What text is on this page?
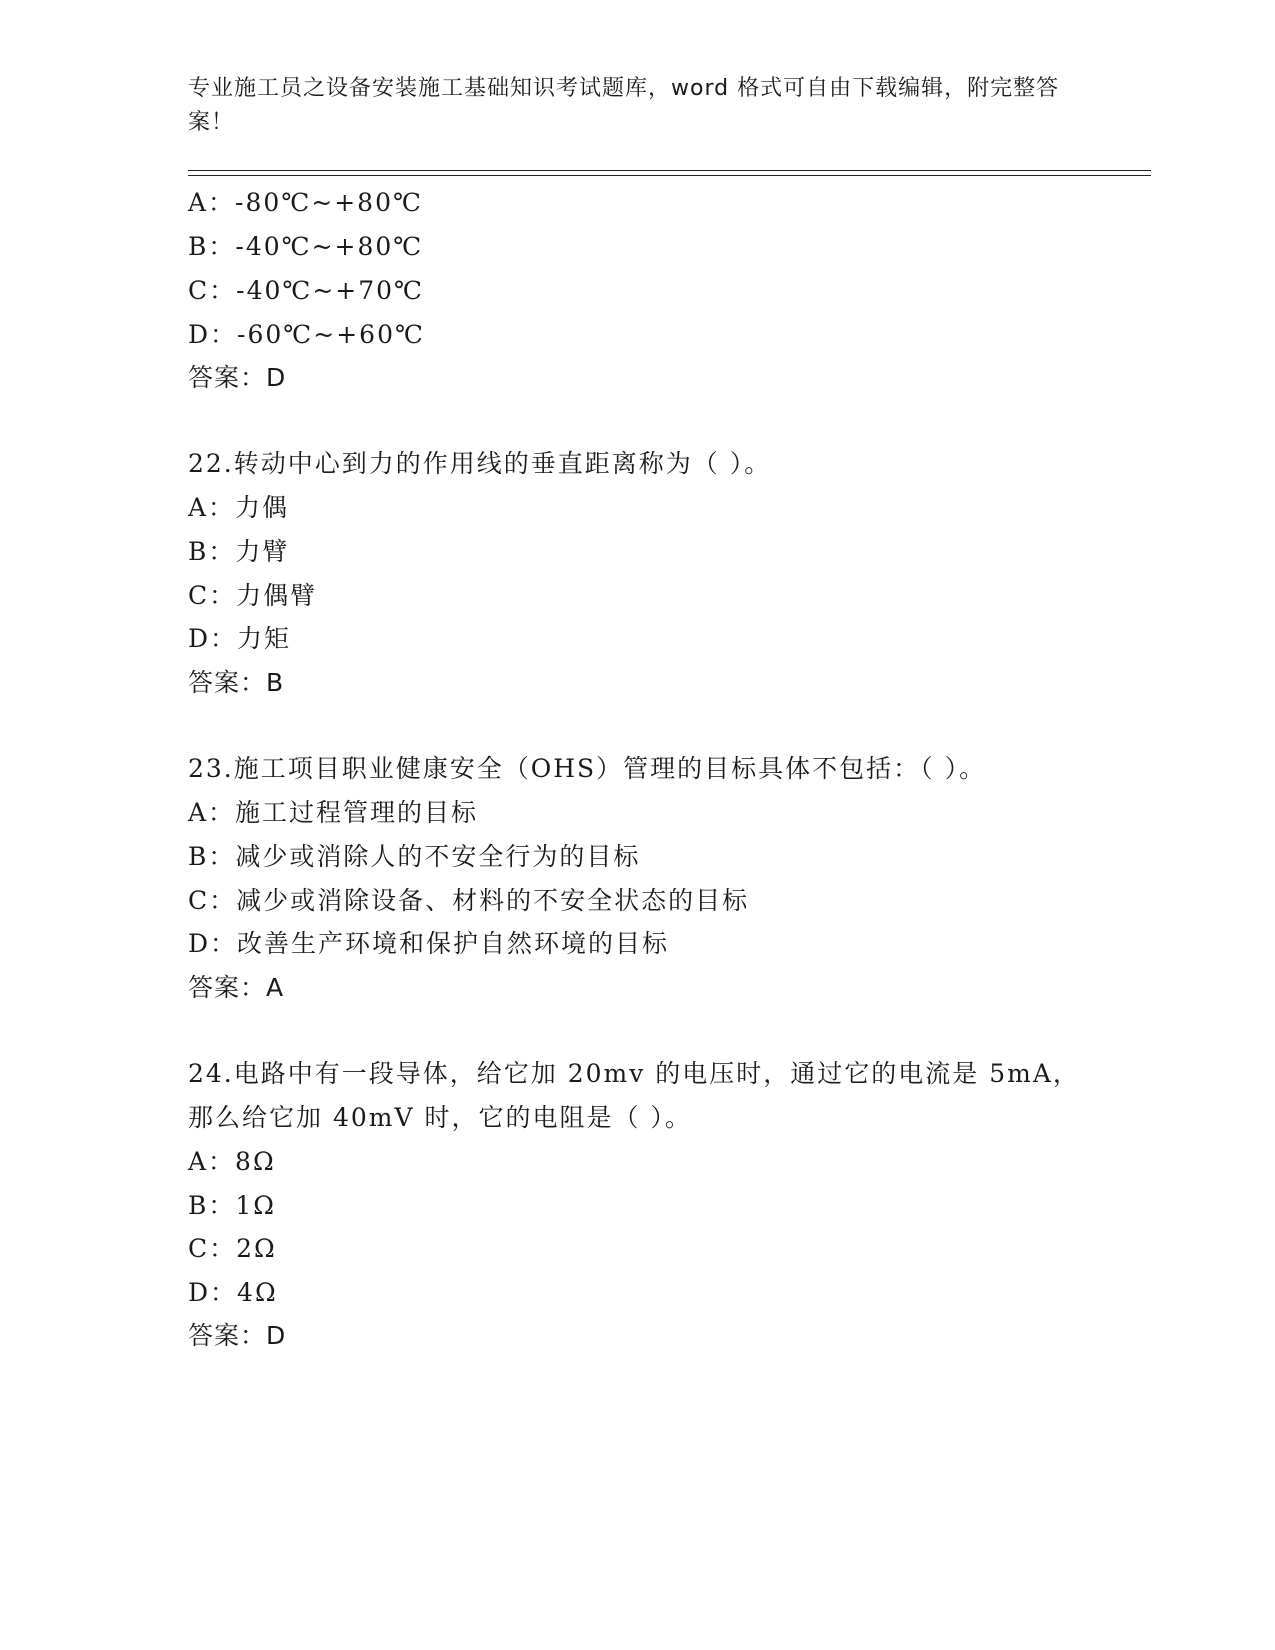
专业施工员之设备安装施工基础知识考试题库，word 格式可自由下载编辑，附完整答案！
A：-80℃~+80℃
B：-40℃~+80℃
C：-40℃~+70℃
D：-60℃~+60℃
答案：D
22.转动中心到力的作用线的垂直距离称为（ ）。
A：力偶
B：力臂
C：力偶臂
D：力矩
答案：B
23.施工项目职业健康安全（OHS）管理的目标具体不包括：（ ）。
A：施工过程管理的目标
B：减少或消除人的不安全行为的目标
C：减少或消除设备、材料的不安全状态的目标
D：改善生产环境和保护自然环境的目标
答案：A
24.电路中有一段导体，给它加 20mv 的电压时，通过它的电流是 5mA，
那么给它加 40mV 时，它的电阻是（ ）。
A：8Ω
B：1Ω
C：2Ω
D：4Ω
答案：D
